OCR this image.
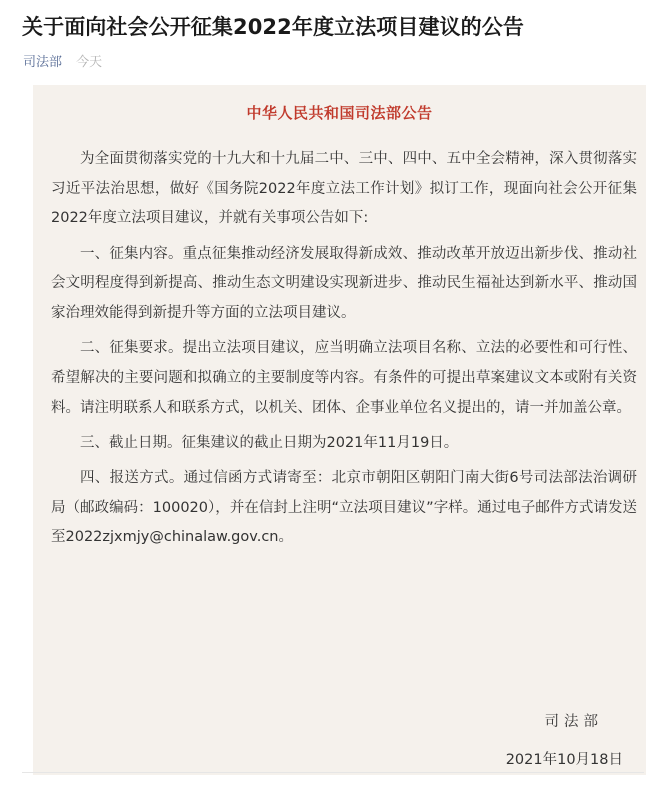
关于面向社会公开征集2022年度立法项目建议的公告
司法部 今天
中华人民共和国司法部公告

为全面贯彻落实党的十九大和十九届二中、三中、四中、五中全会精神，深入贯彻落实习近平法治思想，做好《国务院2022年度立法工作计划》拟订工作，现面向社会公开征集2022年度立法项目建议，并就有关事项公告如下:

一、征集内容。重点征集推动经济发展取得新成效、推动改革开放迈出新步伐、推动社会文明程度得到新提高、推动生态文明建设实现新进步、推动民生福祉达到新水平、推动国家治理效能得到新提升等方面的立法项目建议。

二、征集要求。提出立法项目建议，应当明确立法项目名称、立法的必要性和可行性、希望解决的主要问题和拟确立的主要制度等内容。有条件的可提出草案建议文本或附有关资料。请注明联系人和联系方式，以机关、团体、企事业单位名义提出的，请一并加盖公章。

三、截止日期。征集建议的截止日期为2021年11月19日。

四、报送方式。通过信函方式请寄至：北京市朝阳区朝阳门南大街6号司法部法治调研局（邮政编码：100020），并在信封上注明“立法项目建议”字样。通过电子邮件方式请发送至2022zjxmjy@chinalaw.gov.cn。

司法部
2021年10月18日
